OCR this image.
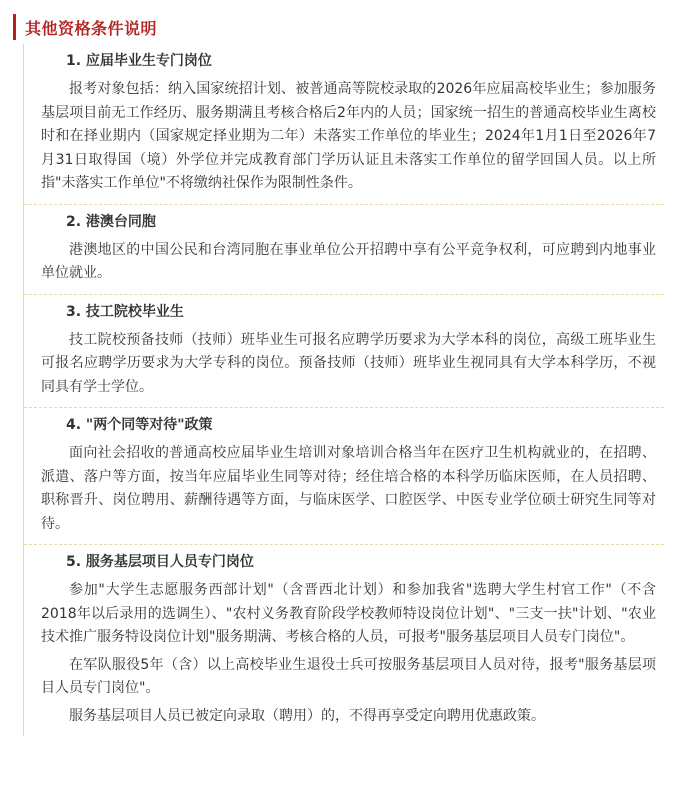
其他资格条件说明
1. 应届毕业生专门岗位

报考对象包括：纳入国家统招计划、被普通高等院校录取的2026年应届高校毕业生；参加服务基层项目前无工作经历、服务期满且考核合格后2年内的人员；国家统一招生的普通高校毕业生离校时和在择业期内（国家规定择业期为二年）未落实工作单位的毕业生；2024年1月1日至2026年7月31日取得国（境）外学位并完成教育部门学历认证且未落实工作单位的留学回国人员。以上所指"未落实工作单位"不将缴纳社保作为限制性条件。

2. 港澳台同胞

港澳地区的中国公民和台湾同胞在事业单位公开招聘中享有公平竞争权利，可应聘到内地事业单位就业。

3. 技工院校毕业生

技工院校预备技师（技师）班毕业生可报名应聘学历要求为大学本科的岗位，高级工班毕业生可报名应聘学历要求为大学专科的岗位。预备技师（技师）班毕业生视同具有大学本科学历，不视同具有学士学位。

4. "两个同等对待"政策

面向社会招收的普通高校应届毕业生培训对象培训合格当年在医疗卫生机构就业的，在招聘、派遣、落户等方面，按当年应届毕业生同等对待；经住培合格的本科学历临床医师，在人员招聘、职称晋升、岗位聘用、薪酬待遇等方面，与临床医学、口腔医学、中医专业学位硕士研究生同等对待。

5. 服务基层项目人员专门岗位

参加"大学生志愿服务西部计划"（含晋西北计划）和参加我省"选聘大学生村官工作"（不含2018年以后录用的选调生）、"农村义务教育阶段学校教师特设岗位计划"、"三支一扶"计划、"农业技术推广服务特设岗位计划"服务期满、考核合格的人员，可报考"服务基层项目人员专门岗位"。

在军队服役5年（含）以上高校毕业生退役士兵可按服务基层项目人员对待，报考"服务基层项目人员专门岗位"。

服务基层项目人员已被定向录取（聘用）的，不得再享受定向聘用优惠政策。
